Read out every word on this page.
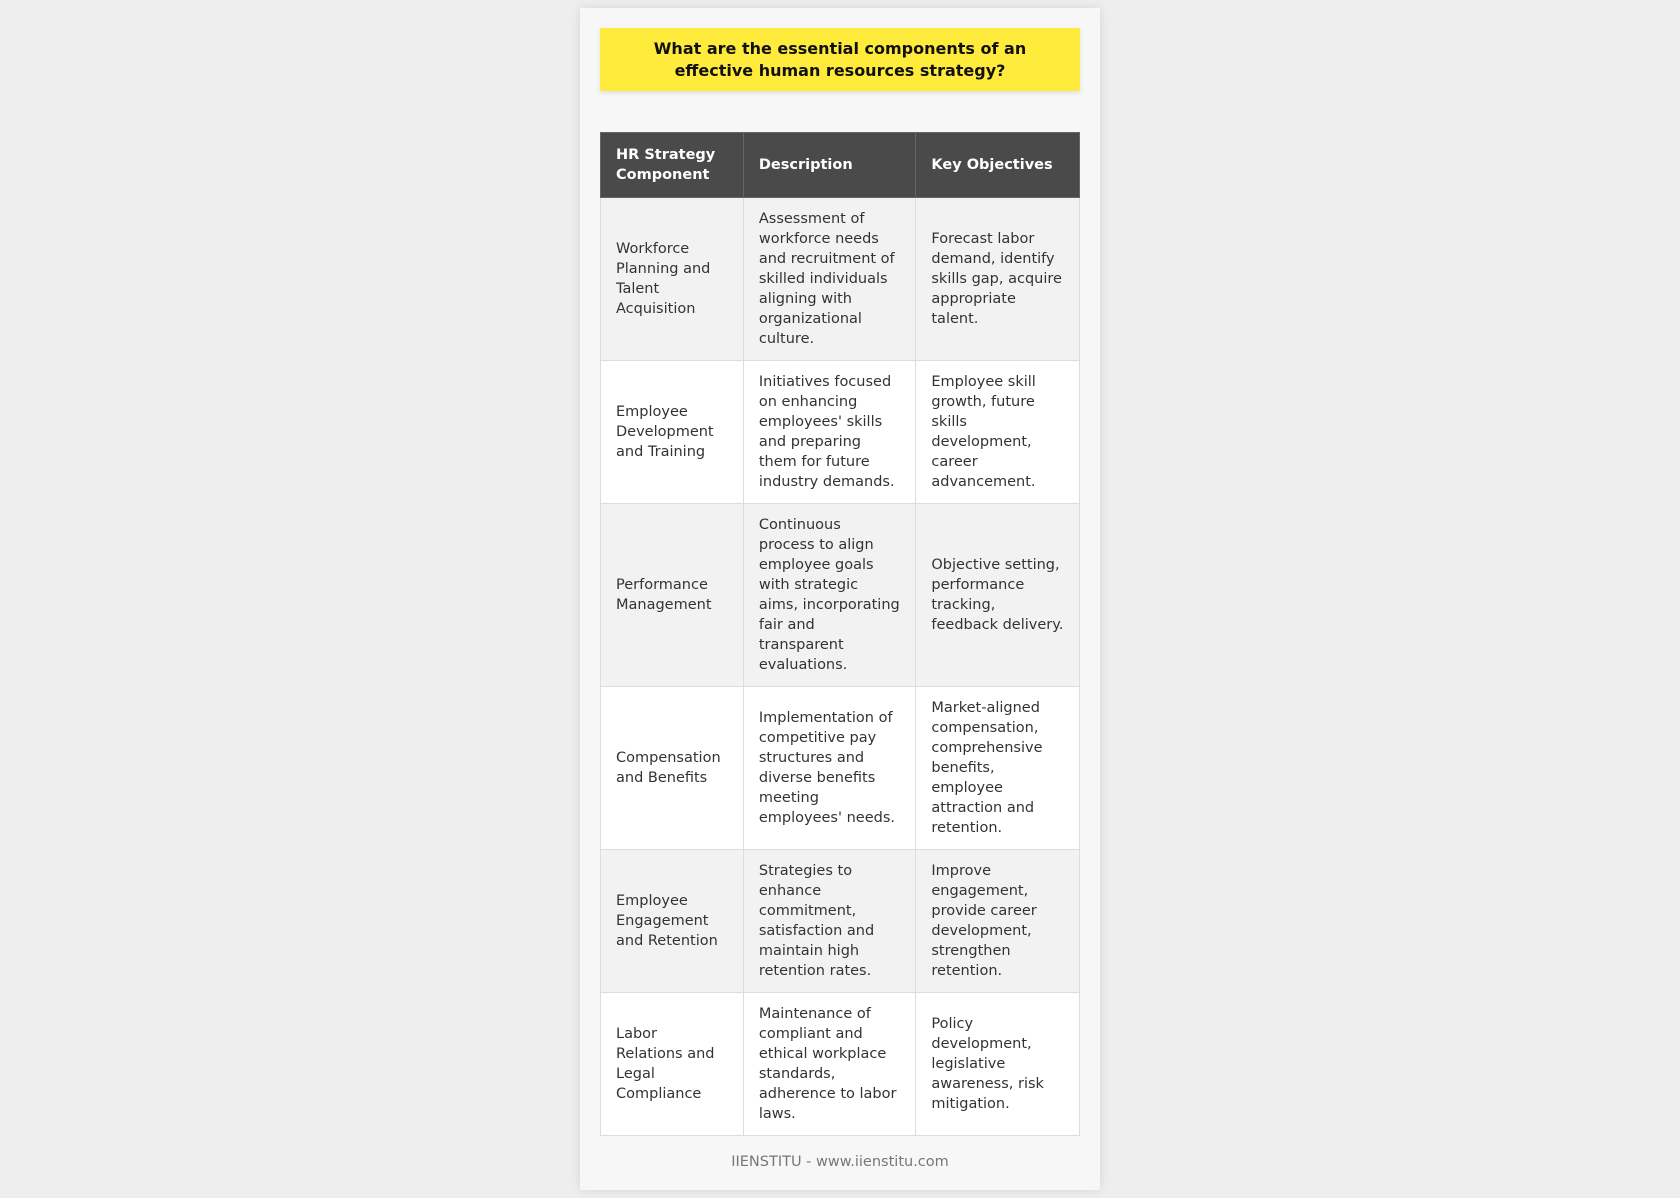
What are the essential components of an effective human resources strategy?
HR Strategy Component	Description	Key Objectives
Workforce Planning and Talent Acquisition	Assessment of workforce needs and recruitment of skilled individuals aligning with organizational culture.	Forecast labor demand, identify skills gap, acquire appropriate talent.
Employee Development and Training	Initiatives focused on enhancing employees' skills and preparing them for future industry demands.	Employee skill growth, future skills development, career advancement.
Performance Management	Continuous process to align employee goals with strategic aims, incorporating fair and transparent evaluations.	Objective setting, performance tracking, feedback delivery.
Compensation and Benefits	Implementation of competitive pay structures and diverse benefits meeting employees' needs.	Market-aligned compensation, comprehensive benefits, employee attraction and retention.
Employee Engagement and Retention	Strategies to enhance commitment, satisfaction and maintain high retention rates.	Improve engagement, provide career development, strengthen retention.
Labor Relations and Legal Compliance	Maintenance of compliant and ethical workplace standards, adherence to labor laws.	Policy development, legislative awareness, risk mitigation.
IIENSTITU - www.iienstitu.com
